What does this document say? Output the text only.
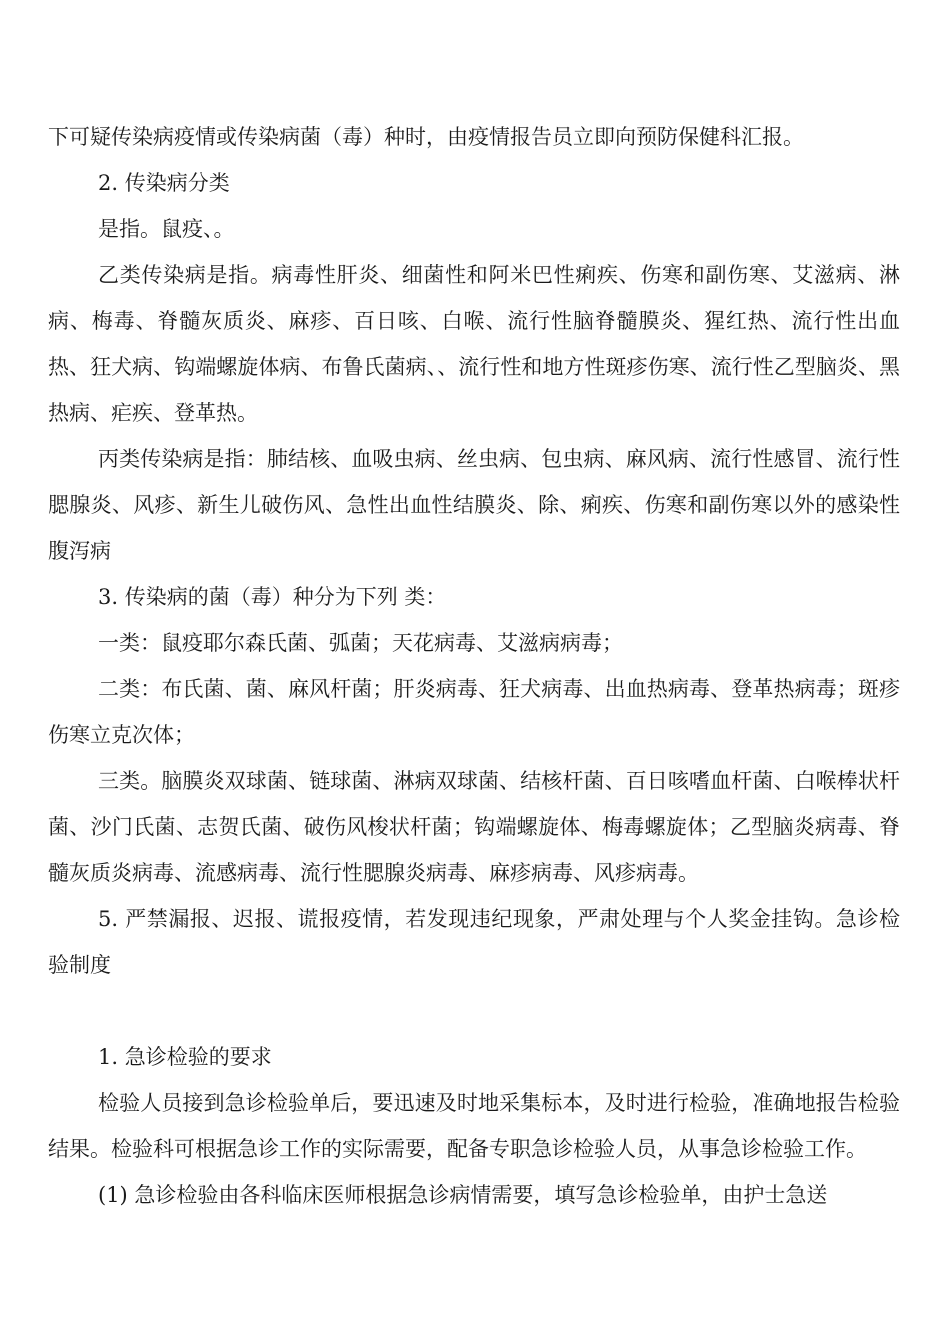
下可疑传染病疫情或传染病菌（毒）种时，由疫情报告员立即向预防保健科汇报。

2. 传染病分类

是指。鼠疫、。

乙类传染病是指。病毒性肝炎、细菌性和阿米巴性痢疾、伤寒和副伤寒、艾滋病、淋病、梅毒、脊髓灰质炎、麻疹、百日咳、白喉、流行性脑脊髓膜炎、猩红热、流行性出血热、狂犬病、钩端螺旋体病、布鲁氏菌病、、流行性和地方性斑疹伤寒、流行性乙型脑炎、黑热病、疟疾、登革热。

丙类传染病是指：肺结核、血吸虫病、丝虫病、包虫病、麻风病、流行性感冒、流行性腮腺炎、风疹、新生儿破伤风、急性出血性结膜炎、除、痢疾、伤寒和副伤寒以外的感染性腹泻病

3. 传染病的菌（毒）种分为下列 类：

一类：鼠疫耶尔森氏菌、弧菌；天花病毒、艾滋病病毒；

二类：布氏菌、菌、麻风杆菌；肝炎病毒、狂犬病毒、出血热病毒、登革热病毒；斑疹伤寒立克次体；

三类。脑膜炎双球菌、链球菌、淋病双球菌、结核杆菌、百日咳嗜血杆菌、白喉棒状杆菌、沙门氏菌、志贺氏菌、破伤风梭状杆菌；钩端螺旋体、梅毒螺旋体；乙型脑炎病毒、脊髓灰质炎病毒、流感病毒、流行性腮腺炎病毒、麻疹病毒、风疹病毒。

5. 严禁漏报、迟报、谎报疫情，若发现违纪现象，严肃处理与个人奖金挂钩。急诊检验制度

1. 急诊检验的要求

检验人员接到急诊检验单后，要迅速及时地采集标本，及时进行检验，准确地报告检验结果。检验科可根据急诊工作的实际需要，配备专职急诊检验人员，从事急诊检验工作。

(1) 急诊检验由各科临床医师根据急诊病情需要，填写急诊检验单，由护士急送
